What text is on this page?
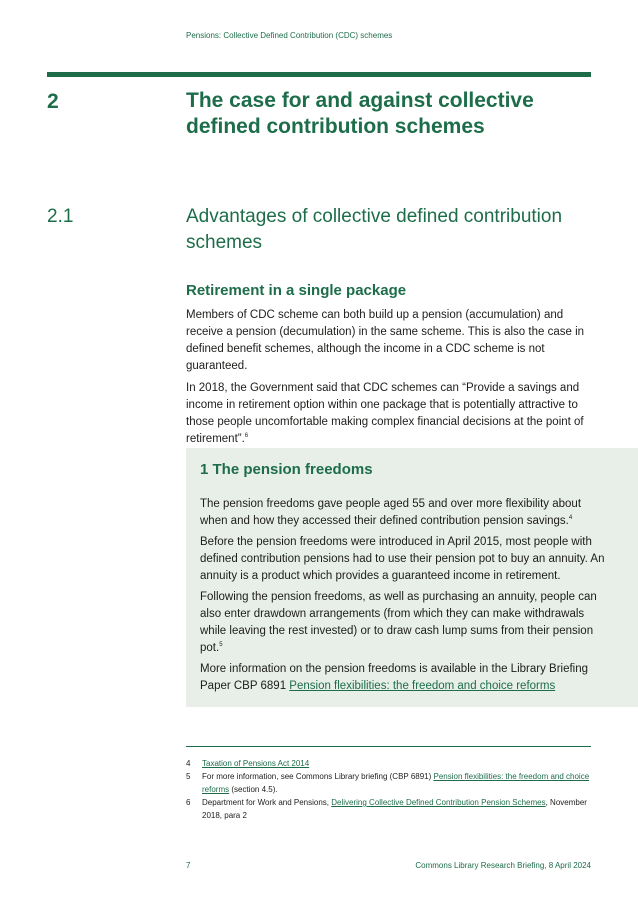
Pensions: Collective Defined Contribution (CDC) schemes
2	The case for and against collective defined contribution schemes
2.1	Advantages of collective defined contribution schemes
Retirement in a single package
Members of CDC scheme can both build up a pension (accumulation) and receive a pension (decumulation) in the same scheme. This is also the case in defined benefit schemes, although the income in a CDC scheme is not guaranteed.
In 2018, the Government said that CDC schemes can “Provide a savings and income in retirement option within one package that is potentially attractive to those people uncomfortable making complex financial decisions at the point of retirement”.$^6$
1 The pension freedoms
The pension freedoms gave people aged 55 and over more flexibility about when and how they accessed their defined contribution pension savings.$^4$
Before the pension freedoms were introduced in April 2015, most people with defined contribution pensions had to use their pension pot to buy an annuity. An annuity is a product which provides a guaranteed income in retirement.
Following the pension freedoms, as well as purchasing an annuity, people can also enter drawdown arrangements (from which they can make withdrawals while leaving the rest invested) or to draw cash lump sums from their pension pot.$^5$
More information on the pension freedoms is available in the Library Briefing Paper CBP 6891 Pension flexibilities: the freedom and choice reforms
4 Taxation of Pensions Act 2014
5 For more information, see Commons Library briefing (CBP 6891) Pension flexibilities: the freedom and choice reforms (section 4.5).
6 Department for Work and Pensions, Delivering Collective Defined Contribution Pension Schemes, November 2018, para 2
7	Commons Library Research Briefing, 8 April 2024
